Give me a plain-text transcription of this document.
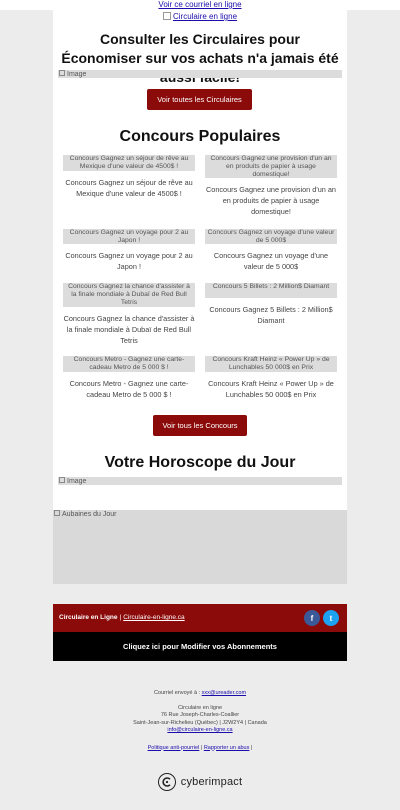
Voir ce courriel en ligne
Circulaire en ligne
Consulter les Circulaires pour Économiser sur vos achats n'a jamais été
Image
Voir toutes les Circulaires
Concours Populaires
Concours Gagnez un séjour de rêve au Mexique d'une valeur de 4500$ !
Concours Gagnez un séjour de rêve au Mexique d'une valeur de 4500$ !
Concours Gagnez une provision d'un an en produits de papier à usage domestique!
Concours Gagnez une provision d'un an en produits de papier à usage domestique!
Concours Gagnez un voyage pour 2 au Japon !
Concours Gagnez un voyage pour 2 au Japon !
Concours Gagnez un voyage d'une valeur de 5 000$
Concours Gagnez un voyage d'une valeur de 5 000$
Concours Gagnez la chance d'assister à la finale mondiale à Dubaï de Red Bull Tetris
Concours Gagnez la chance d'assister à la finale mondiale à Dubaï de Red Bull Tetris
Concours 5 Billets : 2 Million$ Diamant
Concours Gagnez 5 Billets : 2 Million$ Diamant
Concours Metro - Gagnez une carte-cadeau Metro de 5 000 $ !
Concours Metro - Gagnez une carte-cadeau Metro de 5 000 $ !
Concours Kraft Heinz « Power Up » de Lunchables 50 000$ en Prix
Concours Kraft Heinz « Power Up » de Lunchables 50 000$ en Prix
Voir tous les Concours
Votre Horoscope du Jour
Image
Aubaines du Jour
Circulaire en Ligne | Circulaire-en-ligne.ca	f	t
Cliquez ici pour Modifier vos Abonnements
Courriel envoyé à : xxx@ureader.com
Circulaire en ligne
76 Rue Joseph-Charles-Coallier
Saint-Jean-sur-Richelieu (Québec) | J2W2Y4 | Canada
info@circulaire-en-ligne.ca
Politique anti-pourriel | Rapporter un abus |
cyberimpact
